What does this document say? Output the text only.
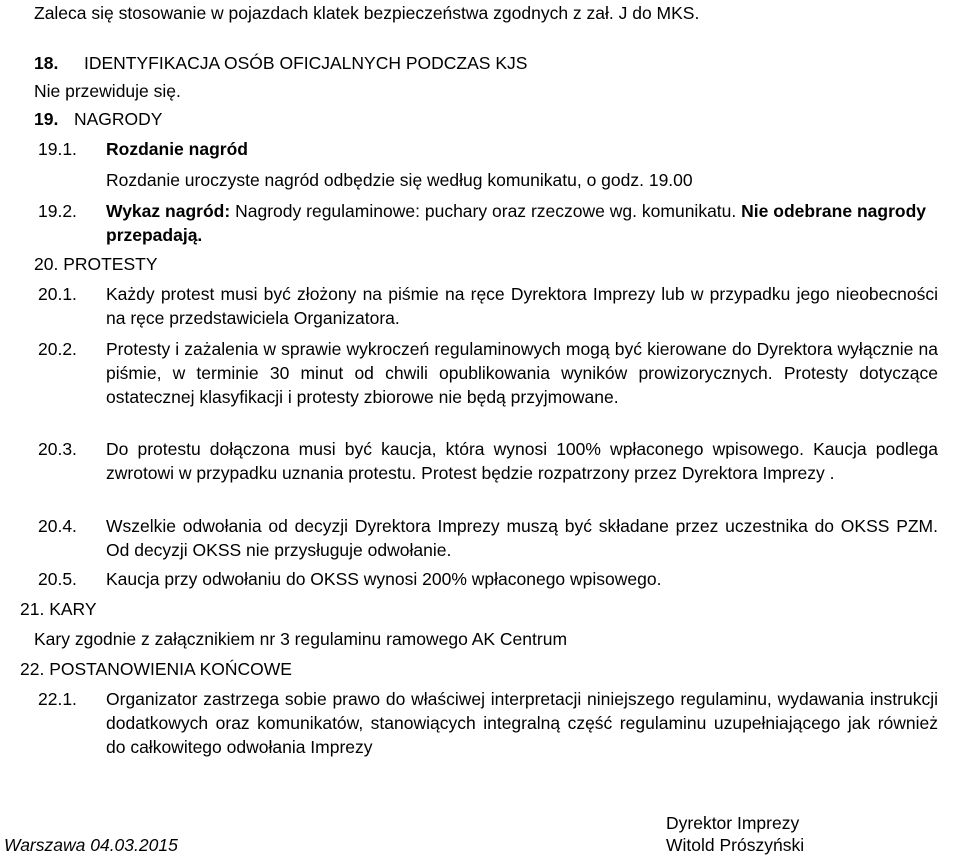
Zaleca się stosowanie w pojazdach klatek bezpieczeństwa zgodnych z zał. J do MKS.
18. IDENTYFIKACJA OSÓB OFICJALNYCH PODCZAS KJS
Nie przewiduje się.
19. NAGRODY
19.1. Rozdanie nagród
Rozdanie uroczyste nagród odbędzie się według komunikatu, o godz. 19.00
19.2. Wykaz nagród: Nagrody regulaminowe: puchary oraz rzeczowe wg. komunikatu. Nie odebrane nagrody przepadają.
20. PROTESTY
20.1. Każdy protest musi być złożony na piśmie na ręce Dyrektora Imprezy lub w przypadku jego nieobecności na ręce przedstawiciela Organizatora.
20.2. Protesty i zażalenia w sprawie wykroczeń regulaminowych mogą być kierowane do Dyrektora wyłącznie na piśmie, w terminie 30 minut od chwili opublikowania wyników prowizorycznych. Protesty dotyczące ostatecznej klasyfikacji i protesty zbiorowe nie będą przyjmowane.
20.3. Do protestu dołączona musi być kaucja, która wynosi 100% wpłaconego wpisowego. Kaucja podlega zwrotowi w przypadku uznania protestu. Protest będzie rozpatrzony przez Dyrektora Imprezy .
20.4. Wszelkie odwołania od decyzji Dyrektora Imprezy muszą być składane przez uczestnika do OKSS PZM. Od decyzji OKSS nie przysługuje odwołanie.
20.5. Kaucja przy odwołaniu do OKSS wynosi 200% wpłaconego wpisowego.
21. KARY
Kary zgodnie z załącznikiem nr 3 regulaminu ramowego AK Centrum
22. POSTANOWIENIA KOŃCOWE
22.1. Organizator zastrzega sobie prawo do właściwej interpretacji niniejszego regulaminu, wydawania instrukcji dodatkowych oraz komunikatów, stanowiących integralną część regulaminu uzupełniającego jak również do całkowitego odwołania Imprezy
Warszawa 04.03.2015
Dyrektor Imprezy
Witold Prószyński
